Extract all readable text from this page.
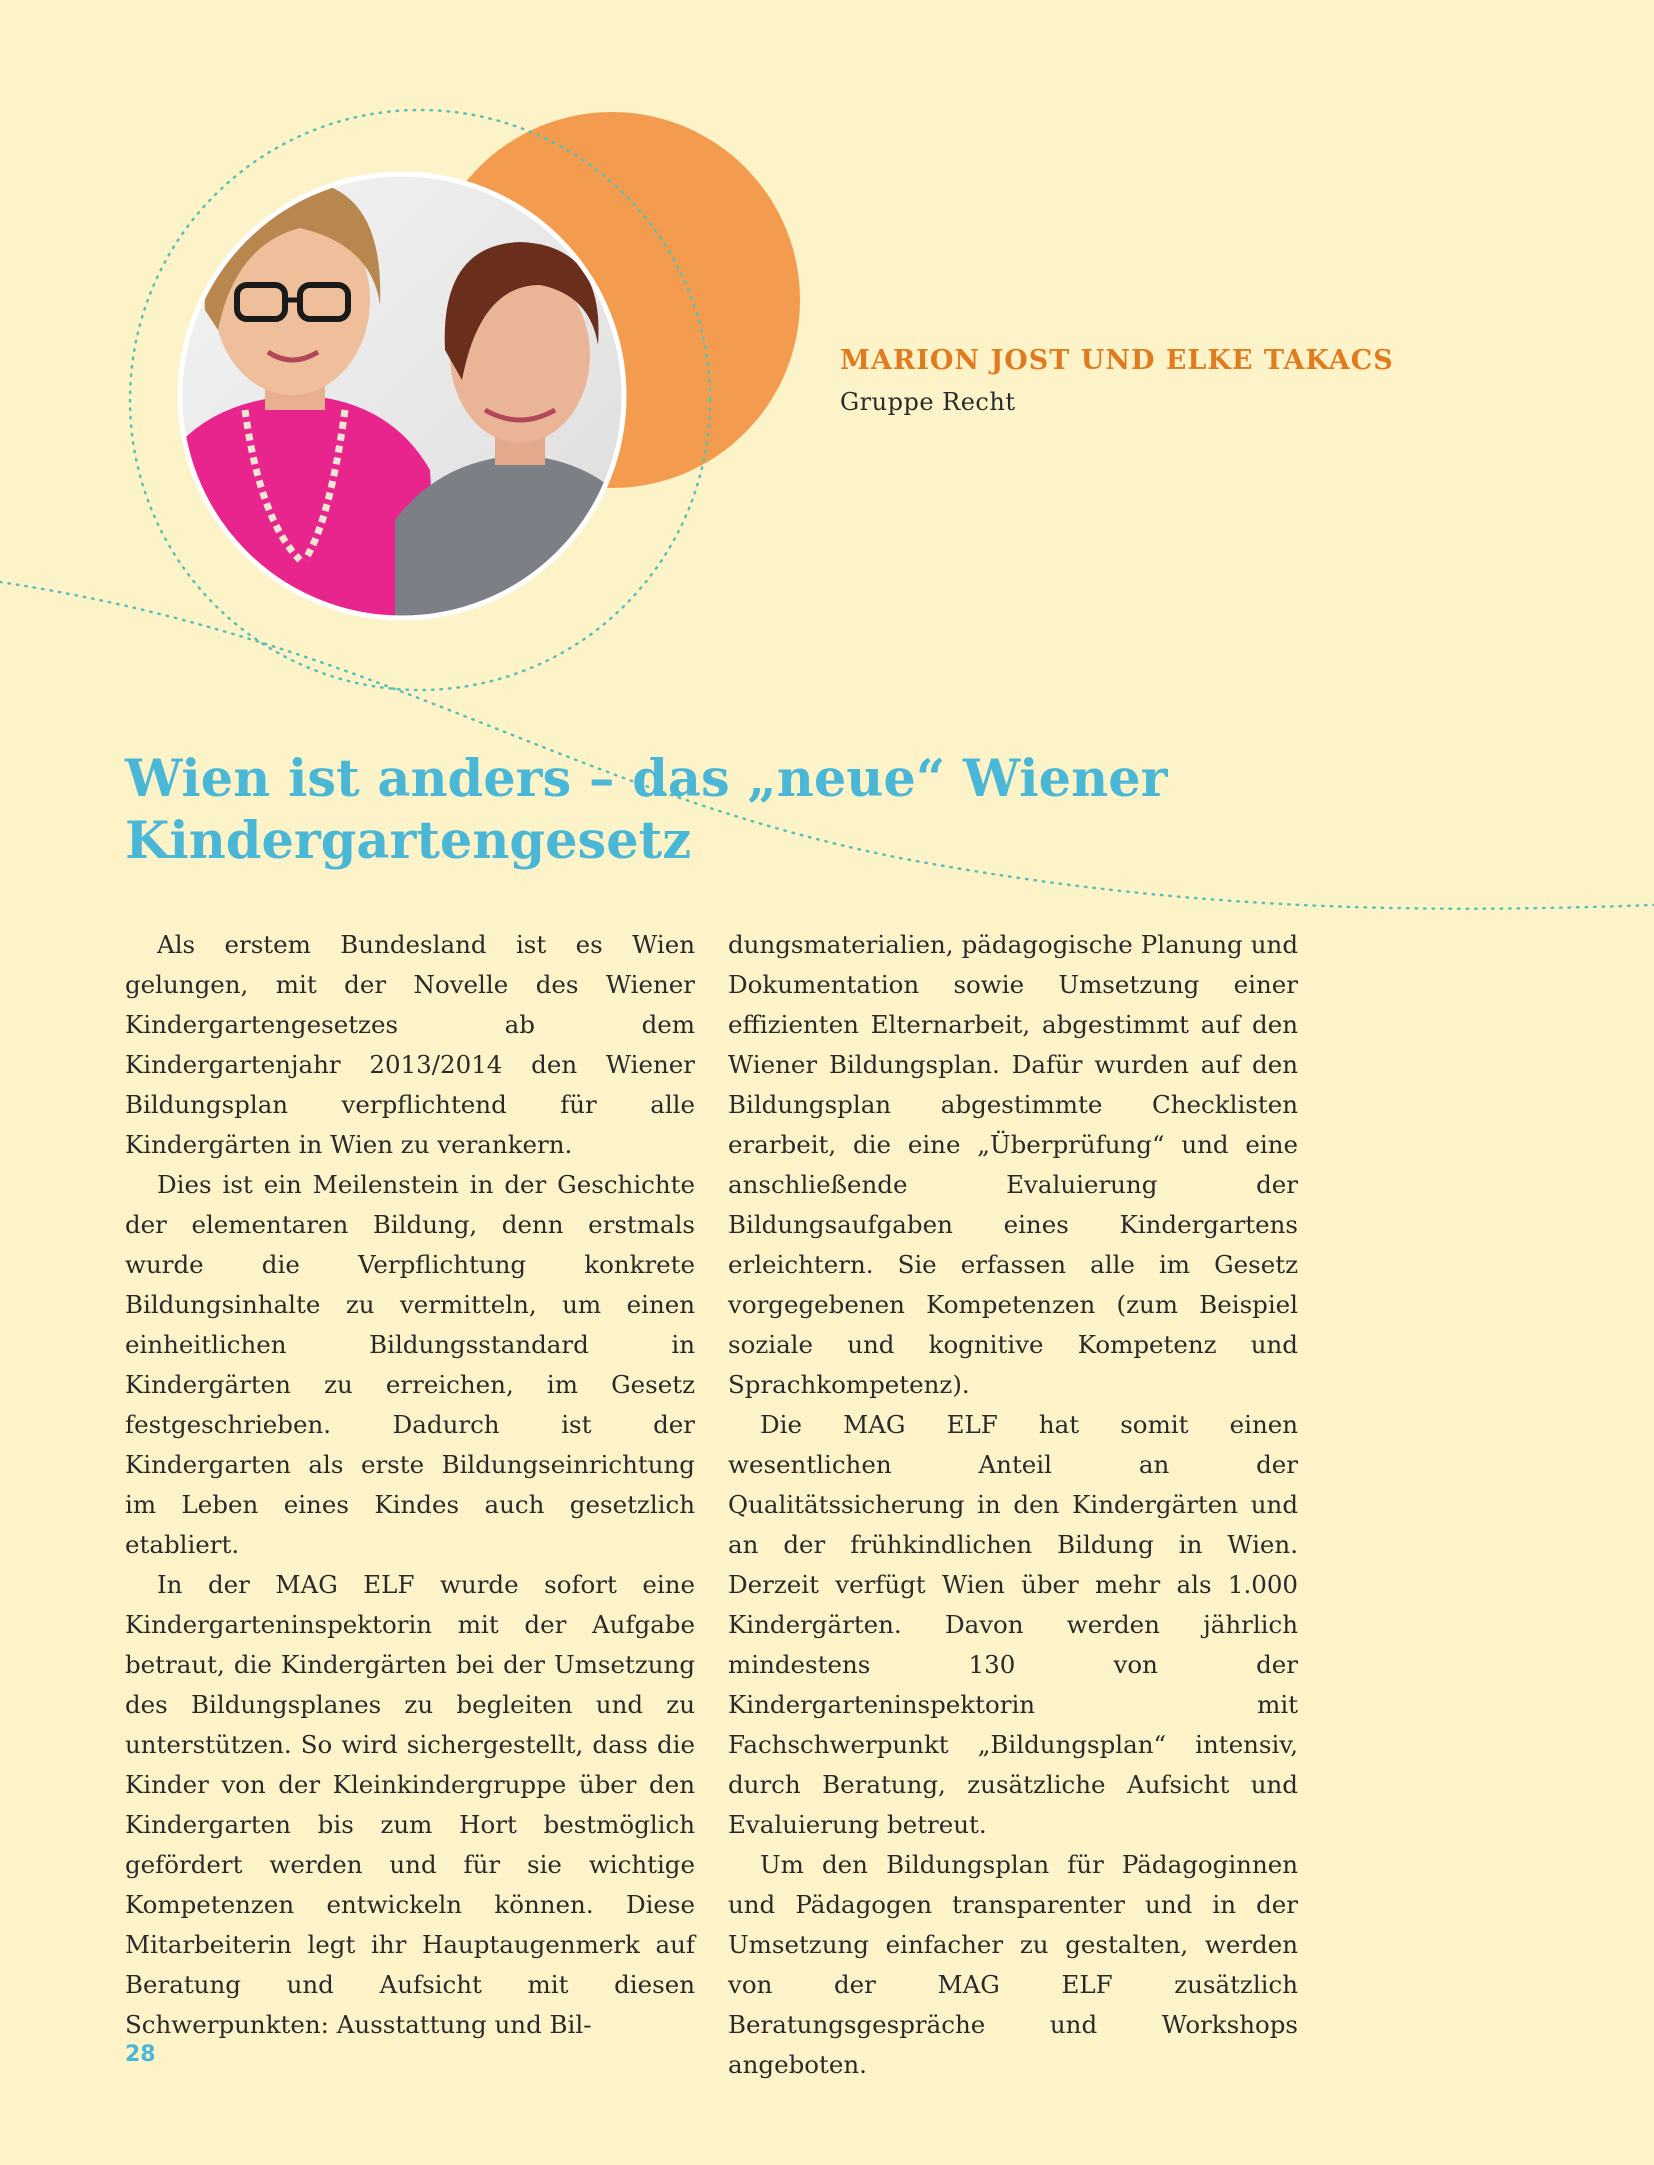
MARION JOST UND ELKE TAKACS
Gruppe Recht
Wien ist anders – das „neue“ Wiener
Kindergartengesetz

Als erstem Bundesland ist es Wien gelungen, mit der Novelle des Wiener Kindergartengesetzes ab dem Kindergartenjahr 2013/2014 den Wiener Bildungsplan verpflichtend für alle Kindergärten in Wien zu verankern.

Dies ist ein Meilenstein in der Geschichte der elementaren Bildung, denn erstmals wurde die Verpflichtung konkrete Bildungsinhalte zu vermitteln, um einen einheitlichen Bildungsstandard in Kindergärten zu erreichen, im Gesetz festgeschrieben. Dadurch ist der Kindergarten als erste Bildungseinrichtung im Leben eines Kindes auch gesetzlich etabliert.

In der MAG ELF wurde sofort eine Kindergarteninspektorin mit der Aufgabe betraut, die Kindergärten bei der Umsetzung des Bildungsplanes zu begleiten und zu unterstützen. So wird sichergestellt, dass die Kinder von der Kleinkindergruppe über den Kindergarten bis zum Hort bestmöglich gefördert werden und für sie wichtige Kompetenzen entwickeln können. Diese Mitarbeiterin legt ihr Hauptaugenmerk auf Beratung und Aufsicht mit diesen Schwerpunkten: Ausstattung und Bil-

dungsmaterialien, pädagogische Planung und Dokumentation sowie Umsetzung einer effizienten Elternarbeit, abgestimmt auf den Wiener Bildungsplan. Dafür wurden auf den Bildungsplan abgestimmte Checklisten erarbeit, die eine „Überprüfung“ und eine anschließende Evaluierung der Bildungsaufgaben eines Kindergartens erleichtern. Sie erfassen alle im Gesetz vorgegebenen Kompetenzen (zum Beispiel soziale und kognitive Kompetenz und Sprachkompetenz).

Die MAG ELF hat somit einen wesentlichen Anteil an der Qualitätssicherung in den Kindergärten und an der frühkindlichen Bildung in Wien. Derzeit verfügt Wien über mehr als 1.000 Kindergärten. Davon werden jährlich mindestens 130 von der Kindergarteninspektorin mit Fachschwerpunkt „Bildungsplan“ intensiv, durch Beratung, zusätzliche Aufsicht und Evaluierung betreut.

Um den Bildungsplan für Pädagoginnen und Pädagogen transparenter und in der Umsetzung einfacher zu gestalten, werden von der MAG ELF zusätzlich Beratungsgespräche und Workshops angeboten.

28
